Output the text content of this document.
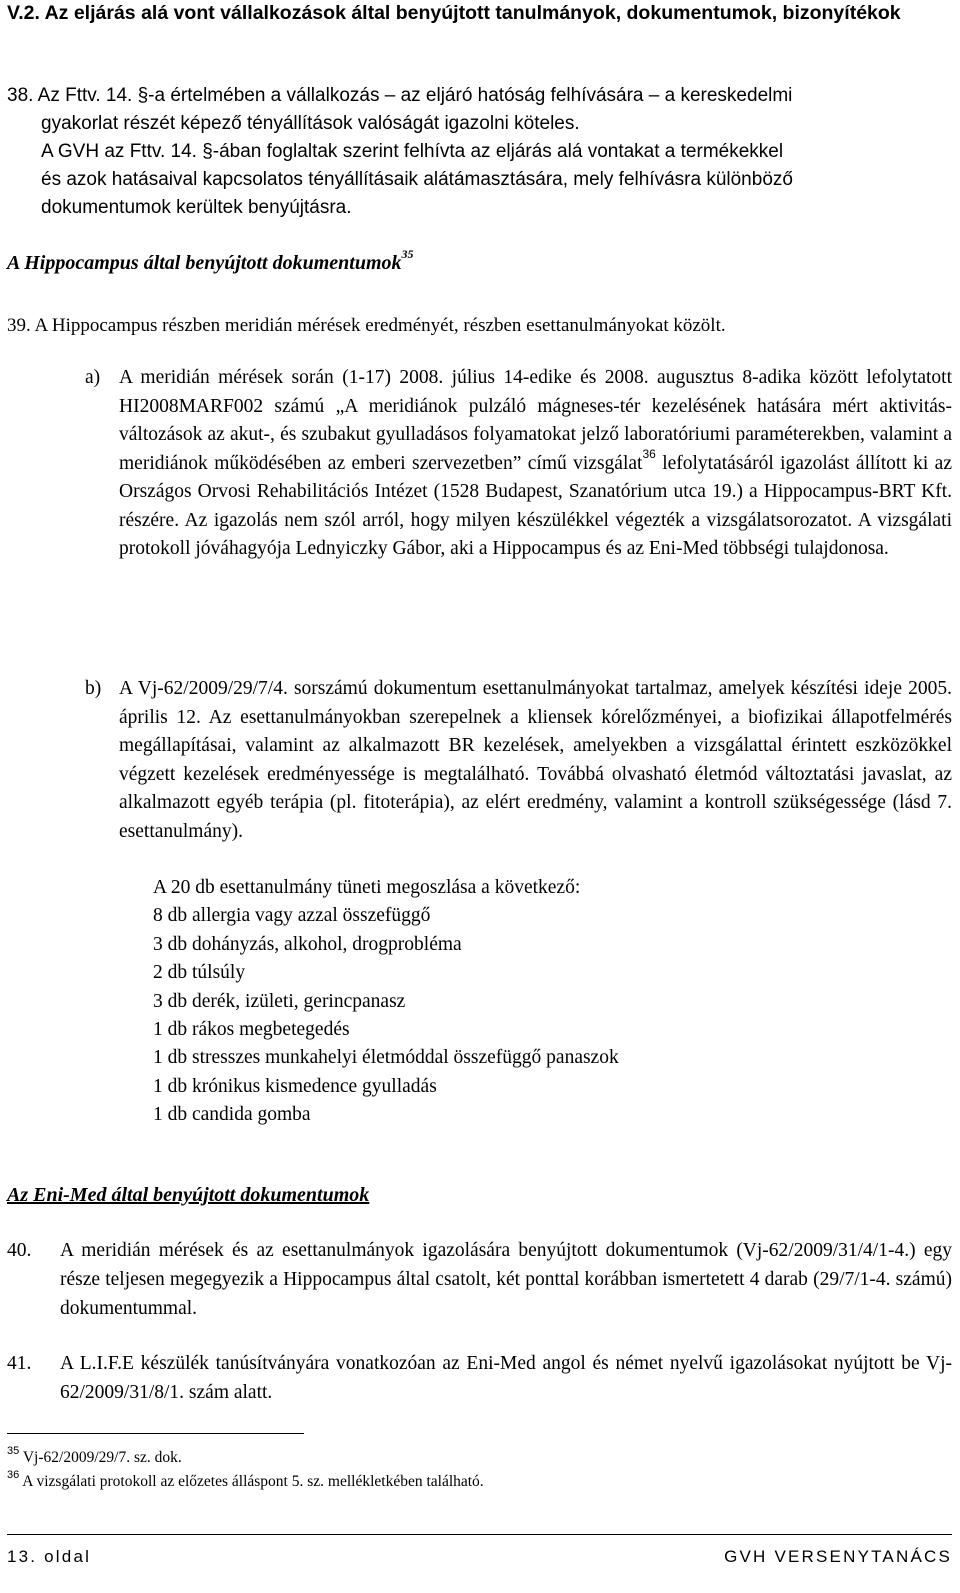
V.2. Az eljárás alá vont vállalkozások által benyújtott tanulmányok, dokumentumok, bizonyítékok
38. Az Fttv. 14. §-a értelmében a vállalkozás – az eljáró hatóság felhívására – a kereskedelmi
gyakorlat részét képező tényállítások valóságát igazolni köteles.
A GVH az Fttv. 14. §-ában foglaltak szerint felhívta az eljárás alá vontakat a termékekkel
és azok hatásaival kapcsolatos tényállításaik alátámasztására, mely felhívásra különböző
dokumentumok kerültek benyújtásra.
A Hippocampus által benyújtott dokumentumok$^{35}$
39. A Hippocampus részben meridián mérések eredményét, részben esettanulmányokat közölt.
a) A meridián mérések során (1-17) 2008. július 14-edike és 2008. augusztus 8-adika között lefolytatott HI2008MARF002 számú „A meridiánok pulzáló mágneses-tér kezelésének hatására mért aktivitás-változások az akut-, és szubakut gyulladásos folyamatokat jelző laboratóriumi paraméterekben, valamint a meridiánok működésében az emberi szervezetben” című vizsgálat$^{36}$ lefolytatásáról igazolást állított ki az Országos Orvosi Rehabilitációs Intézet (1528 Budapest, Szanatórium utca 19.) a Hippocampus-BRT Kft. részére. Az igazolás nem szól arról, hogy milyen készülékkel végezték a vizsgálatsorozatot. A vizsgálati protokoll jóváhagyója Lednyiczky Gábor, aki a Hippocampus és az Eni-Med többségi tulajdonosa.
b) A Vj-62/2009/29/7/4. sorszámú dokumentum esettanulmányokat tartalmaz, amelyek készítési ideje 2005. április 12. Az esettanulmányokban szerepelnek a kliensek kórelőzményei, a biofizikai állapotfelmérés megállapításai, valamint az alkalmazott BR kezelések, amelyekben a vizsgálattal érintett eszközökkel végzett kezelések eredményessége is megtalálható. Továbbá olvasható életmód változtatási javaslat, az alkalmazott egyéb terápia (pl. fitoterápia), az elért eredmény, valamint a kontroll szükségessége (lásd 7. esettanulmány).
A 20 db esettanulmány tüneti megoszlása a következő:
8 db allergia vagy azzal összefüggő
3 db dohányzás, alkohol, drogprobléma
2 db túlsúly
3 db derék, izületi, gerincpanasz
1 db rákos megbetegedés
1 db stresszes munkahelyi életmóddal összefüggő panaszok
1 db krónikus kismedence gyulladás
1 db candida gomba
Az Eni-Med által benyújtott dokumentumok
40. A meridián mérések és az esettanulmányok igazolására benyújtott dokumentumok (Vj-62/2009/31/4/1-4.) egy része teljesen megegyezik a Hippocampus által csatolt, két ponttal korábban ismertetett 4 darab (29/7/1-4. számú) dokumentummal.
41. A L.I.F.E készülék tanúsítványára vonatkozóan az Eni-Med angol és német nyelvű igazolásokat nyújtott be Vj-62/2009/31/8/1. szám alatt.
$^{35}$ Vj-62/2009/29/7. sz. dok.
$^{36}$ A vizsgálati protokoll az előzetes álláspont 5. sz. mellékletkében található.
13. oldal	GVH VERSENYTANÁCS
